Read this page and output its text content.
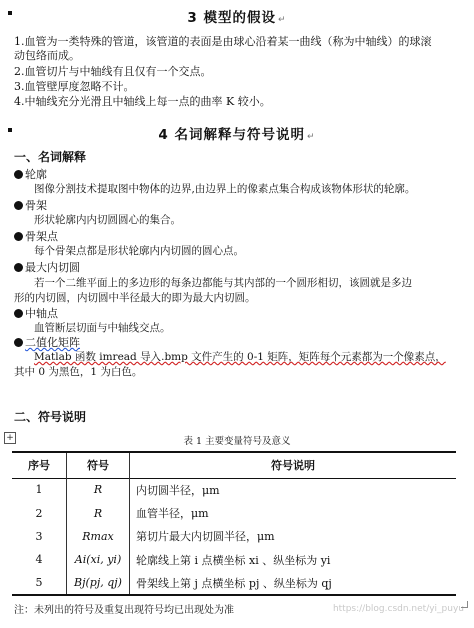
3 模型的假设 ↵
1.血管为一类特殊的管道，该管道的表面是由球心沿着某一曲线（称为中轴线）的球滚
动包络而成。
2.血管切片与中轴线有且仅有一个交点。
3.血管壁厚度忽略不计。
4.中轴线充分光滑且中轴线上每一点的曲率 K 较小。
4 名词解释与符号说明 ↵
一、名词解释
轮廓
图像分割技术提取图中物体的边界,由边界上的像素点集合构成该物体形状的轮廓。
骨架
形状轮廓内内切圆圆心的集合。
骨架点
每个骨架点都是形状轮廓内内切圆的圆心点。
最大内切圆
若一个二维平面上的多边形的每条边都能与其内部的一个圆形相切，该圆就是多边
形的内切圆，内切圆中半径最大的即为最大内切圆。
中轴点
血管断层切面与中轴线交点。
二值化矩阵
Matlab 函数 imread 导入.bmp 文件产生的 0-1 矩阵，矩阵每个元素都为一个像素点，
其中 0 为黑色，1 为白色。
二、符号说明
+	表 1 主要变量符号及意义
序号	符号	符号说明
1	R	内切圆半径，μm
2	R	血管半径，μm
3	Rmax	第切片最大内切圆半径，μm
4	Ai(xi, yi)	轮廓线上第 i 点横坐标 xi 、纵坐标为 yi
5	Bj(pj, qj)	骨架线上第 j 点横坐标 pj 、纵坐标为 qj
注：未列出的符号及重复出现符号均已出现处为准	https://blog.csdn.net/yi_puyu
